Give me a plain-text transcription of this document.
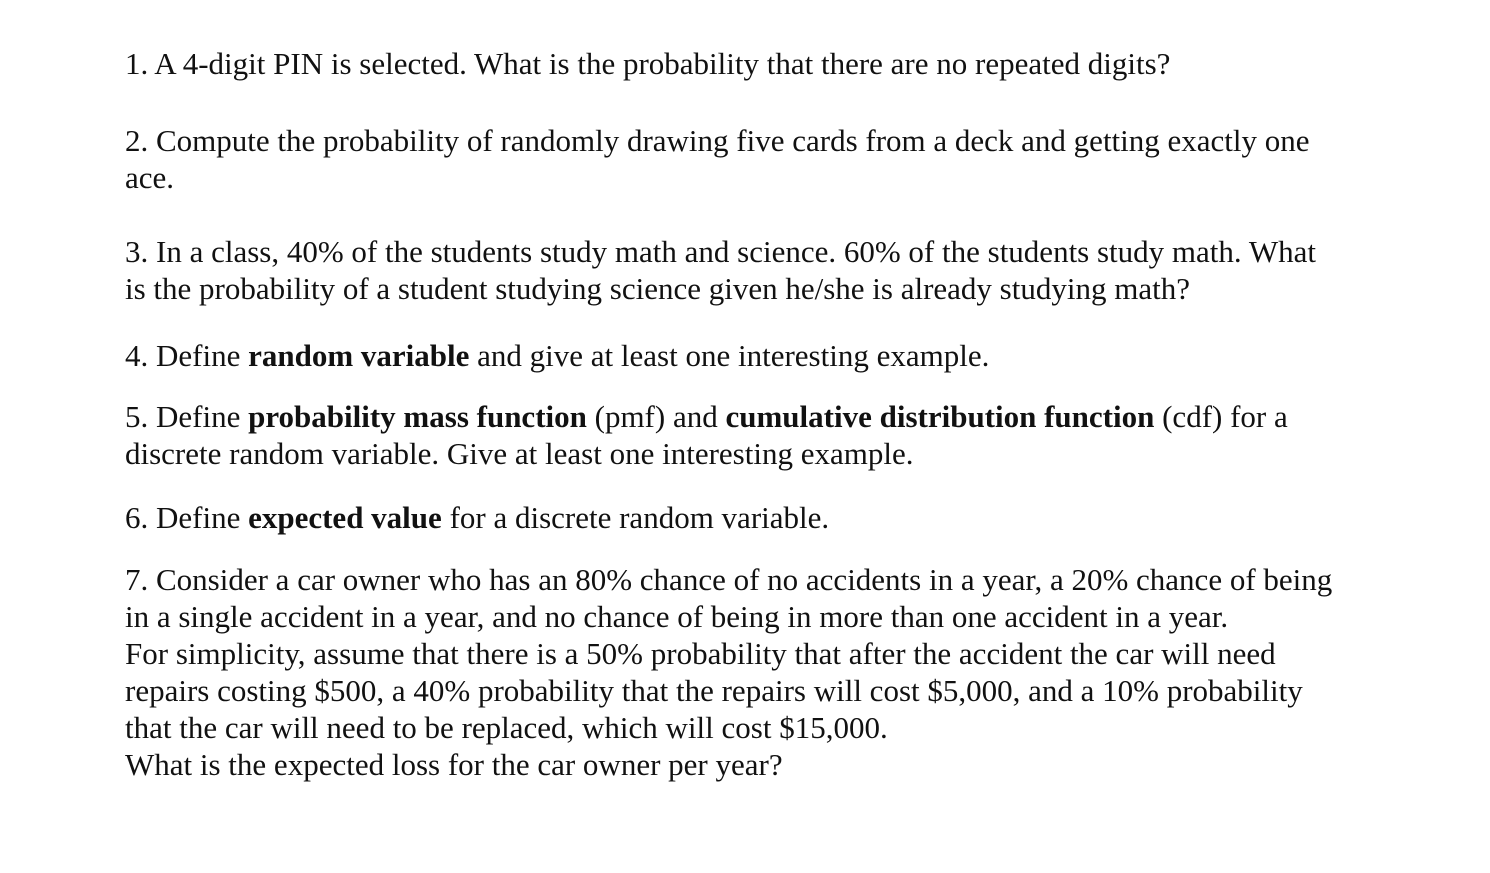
1. A 4-digit PIN is selected. What is the probability that there are no repeated digits?
2. Compute the probability of randomly drawing five cards from a deck and getting exactly one
ace.
3. In a class, 40% of the students study math and science. 60% of the students study math. What
is the probability of a student studying science given he/she is already studying math?
4. Define random variable and give at least one interesting example.
5. Define probability mass function (pmf) and cumulative distribution function (cdf) for a
discrete random variable. Give at least one interesting example.
6. Define expected value for a discrete random variable.
7. Consider a car owner who has an 80% chance of no accidents in a year, a 20% chance of being
in a single accident in a year, and no chance of being in more than one accident in a year.
For simplicity, assume that there is a 50% probability that after the accident the car will need
repairs costing $500, a 40% probability that the repairs will cost $5,000, and a 10% probability
that the car will need to be replaced, which will cost $15,000.
What is the expected loss for the car owner per year?
